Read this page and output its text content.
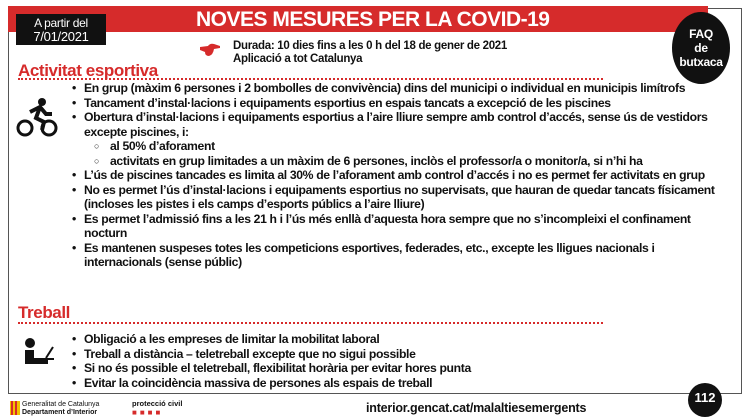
NOVES MESURES PER LA COVID-19
A partir del
7/01/2021	FAQ
de
butxaca
Durada: 10 dies fins a les 0 h del 18 de gener de 2021
Aplicació a tot Catalunya
Activitat esportiva
• En grup (màxim 6 persones i 2 bombolles de convivència) dins del municipi o individual en municipis limítrofs
• Tancament d’instal·lacions i equipaments esportius en espais tancats a excepció de les piscines
• Obertura d’instal·lacions i equipaments esportius a l’aire lliure sempre amb control d’accés, sense ús de vestidors excepte piscines, i:
○ al 50% d’aforament
○ activitats en grup limitades a un màxim de 6 persones, inclòs el professor/a o monitor/a, si n’hi ha
• L’ús de piscines tancades es limita al 30% de l’aforament amb control d’accés i no es permet fer activitats en grup
• No es permet l’ús d’instal·lacions i equipaments esportius no supervisats, que hauran de quedar tancats físicament (incloses les pistes i els camps d’esports públics a l’aire lliure)
• Es permet l’admissió fins a les 21 h i l’ús més enllà d’aquesta hora sempre que no s’incompleixi el confinament nocturn
• Es mantenen suspeses totes les competicions esportives, federades, etc., excepte les lligues nacionals i internacionals (sense públic)
Treball
• Obligació a les empreses de limitar la mobilitat laboral
• Treball a distància – teletreball excepte que no sigui possible
• Si no és possible el teletreball, flexibilitat horària per evitar hores punta
• Evitar la coincidència massiva de persones als espais de treball
Generalitat de Catalunya
Departament d’Interior
protecció civil
■■■■	interior.gencat.cat/malaltiesemergents
112
